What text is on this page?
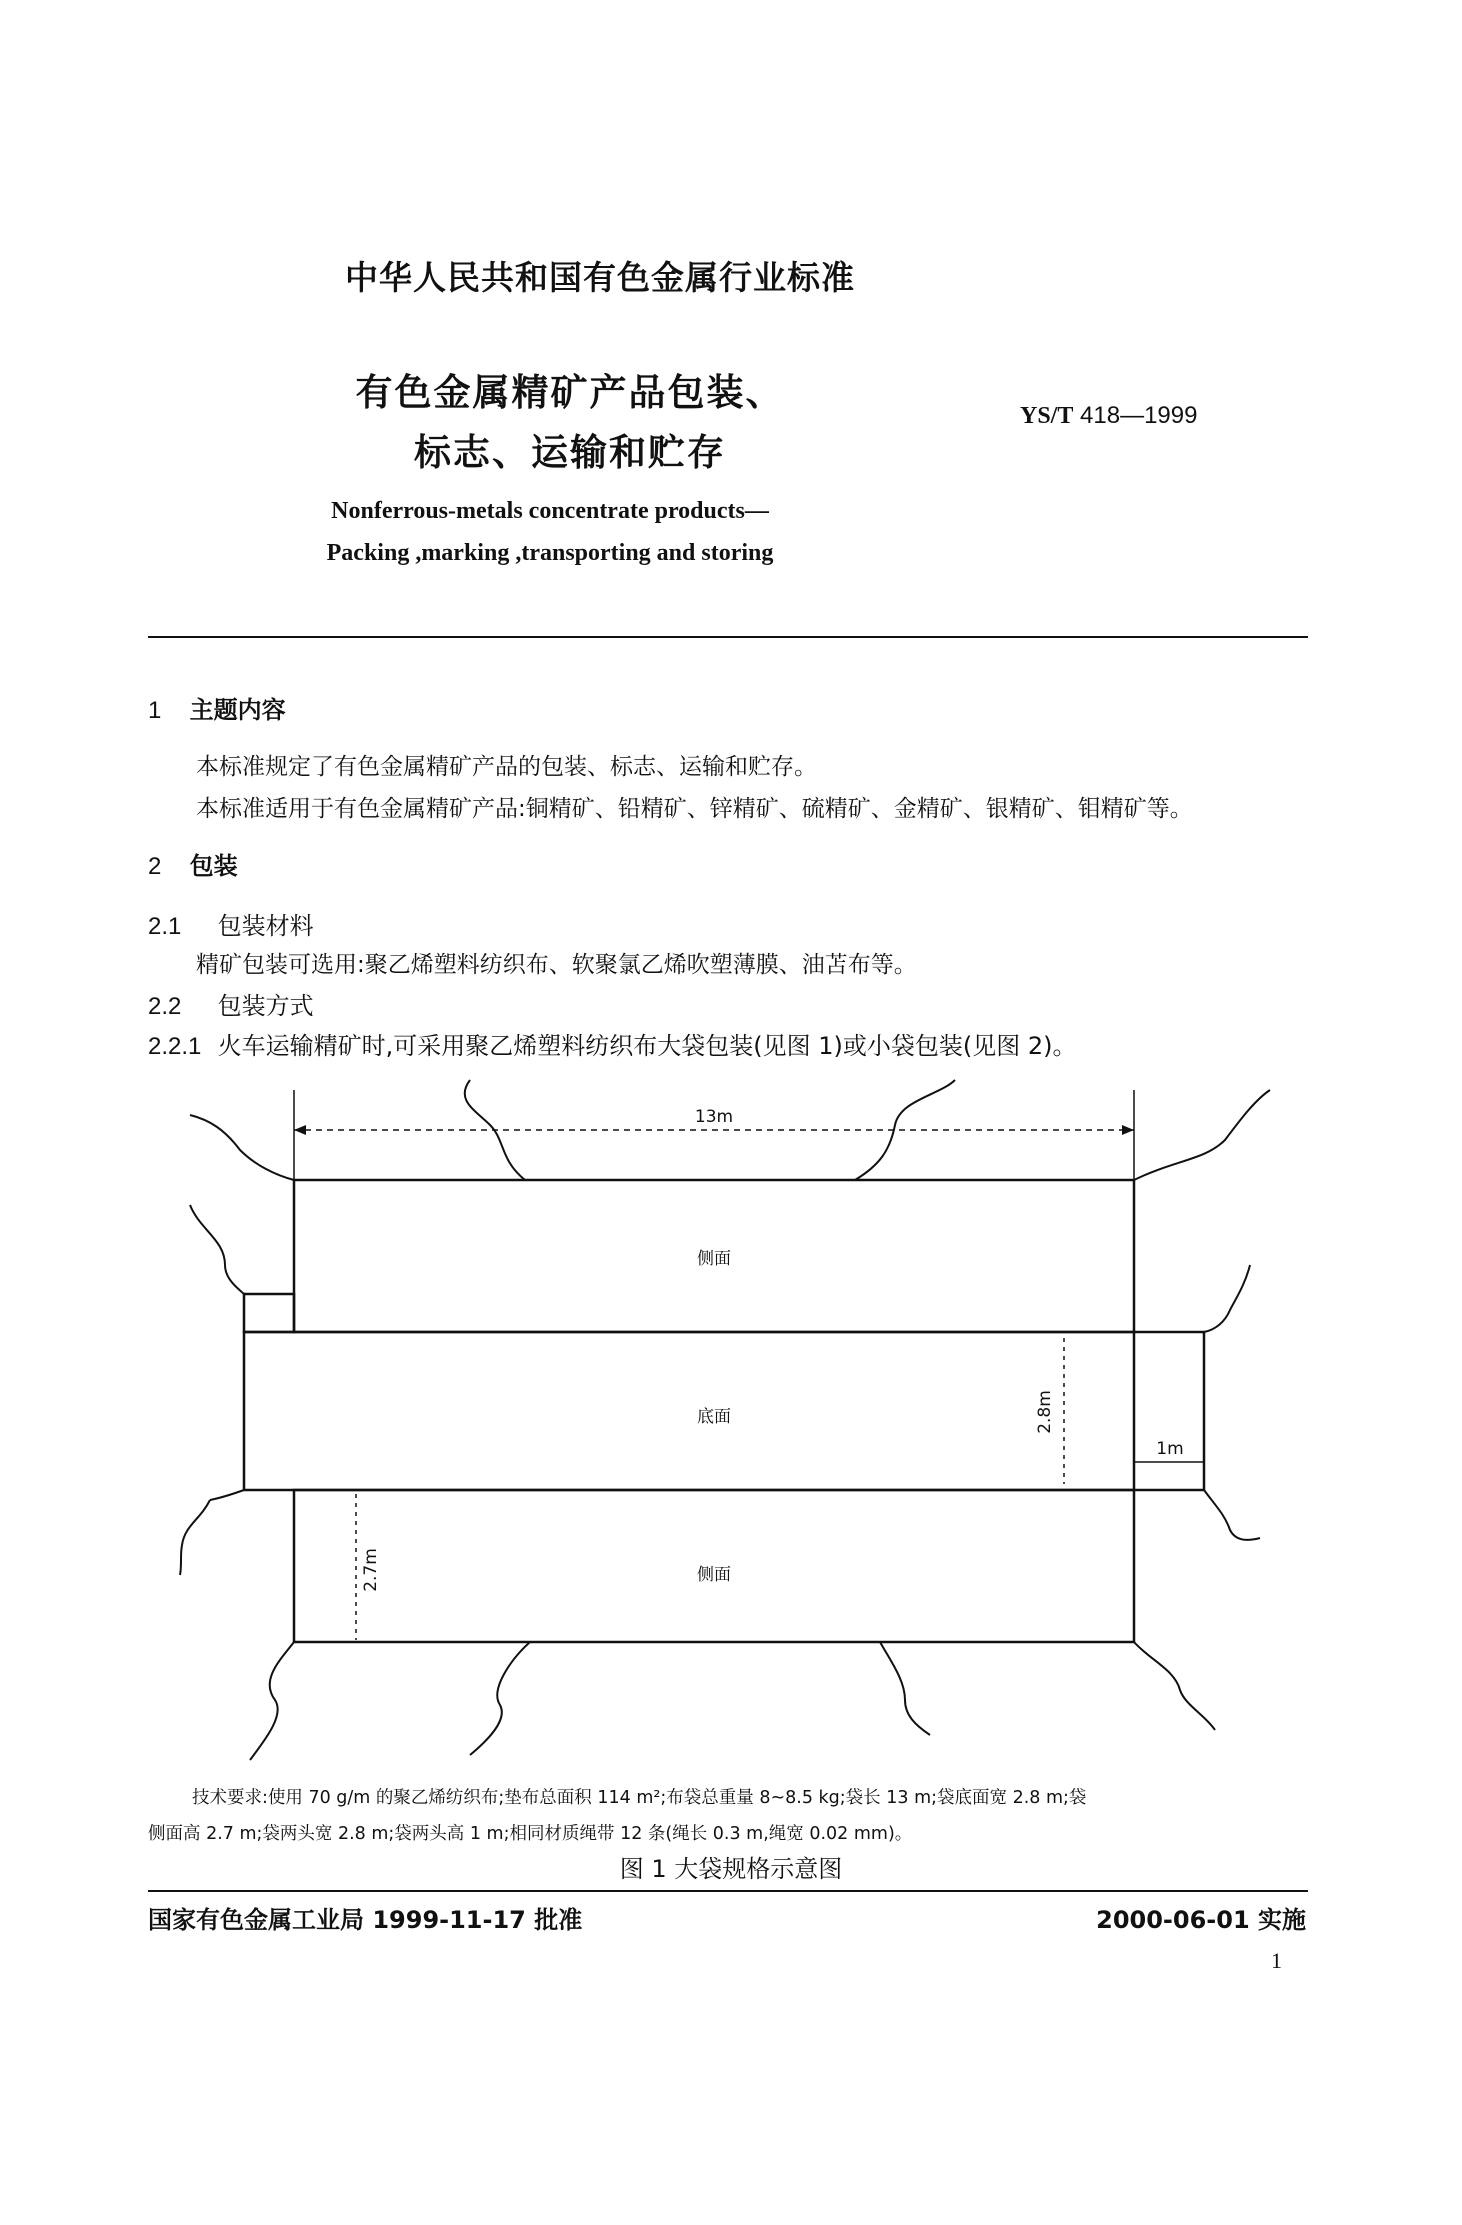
中华人民共和国有色金属行业标准
有色金属精矿产品包装、
标志、运输和贮存
YS/T 418—1999
Nonferrous-metals concentrate products—
Packing ,marking ,transporting and storing
1 主题内容
本标准规定了有色金属精矿产品的包装、标志、运输和贮存。
本标准适用于有色金属精矿产品:铜精矿、铅精矿、锌精矿、硫精矿、金精矿、银精矿、钼精矿等。
2 包装
2.1 包装材料
精矿包装可选用:聚乙烯塑料纺织布、软聚氯乙烯吹塑薄膜、油苫布等。
2.2 包装方式
2.2.1 火车运输精矿时,可采用聚乙烯塑料纺织布大袋包装(见图 1)或小袋包装(见图 2)。
13m
侧面
底面
侧面
2.8m
2.7m
1m
技术要求:使用 70 g/m 的聚乙烯纺织布;垫布总面积 114 m²;布袋总重量 8~8.5 kg;袋长 13 m;袋底面宽 2.8 m;袋
侧面高 2.7 m;袋两头宽 2.8 m;袋两头高 1 m;相同材质绳带 12 条(绳长 0.3 m,绳宽 0.02 mm)。
图 1 大袋规格示意图
国家有色金属工业局 1999-11-17 批准	2000-06-01 实施
1
